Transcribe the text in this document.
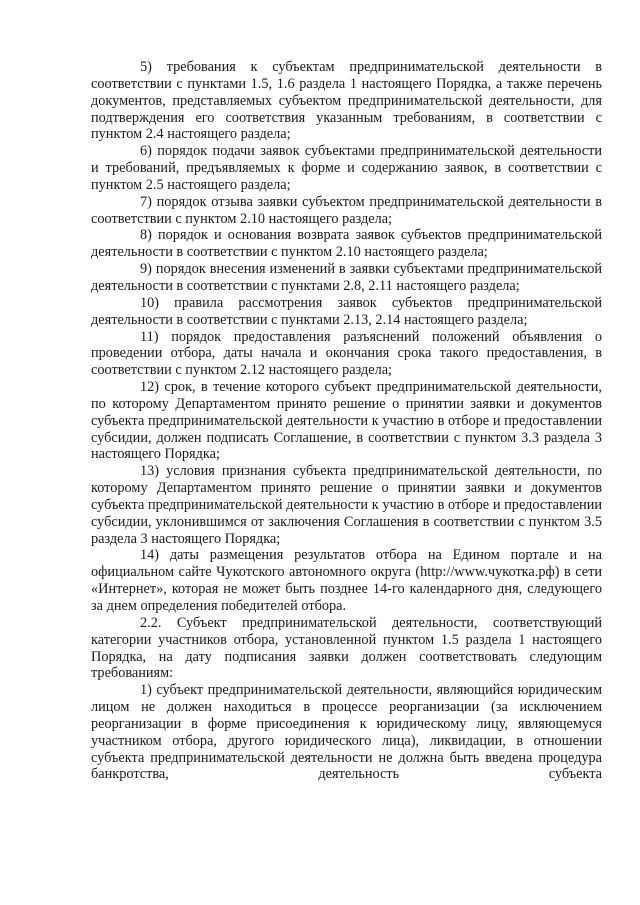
5) требования к субъектам предпринимательской деятельности в соответствии с пунктами 1.5, 1.6 раздела 1 настоящего Порядка, а также перечень документов, представляемых субъектом предпринимательской деятельности, для подтверждения его соответствия указанным требованиям, в соответствии с пунктом 2.4 настоящего раздела;

6) порядок подачи заявок субъектами предпринимательской деятельности и требований, предъявляемых к форме и содержанию заявок, в соответствии с пунктом 2.5 настоящего раздела;

7) порядок отзыва заявки субъектом предпринимательской деятельности в соответствии с пунктом 2.10 настоящего раздела;

8) порядок и основания возврата заявок субъектов предпринимательской деятельности в соответствии с пунктом 2.10 настоящего раздела;

9) порядок внесения изменений в заявки субъектами предпринимательской деятельности в соответствии с пунктами 2.8, 2.11 настоящего раздела;

10) правила рассмотрения заявок субъектов предпринимательской деятельности в соответствии с пунктами 2.13, 2.14 настоящего раздела;

11) порядок предоставления разъяснений положений объявления о проведении отбора, даты начала и окончания срока такого предоставления, в соответствии с пунктом 2.12 настоящего раздела;

12) срок, в течение которого субъект предпринимательской деятельности, по которому Департаментом принято решение о принятии заявки и документов субъекта предпринимательской деятельности к участию в отборе и предоставлении субсидии, должен подписать Соглашение, в соответствии с пунктом 3.3 раздела 3 настоящего Порядка;

13) условия признания субъекта предпринимательской деятельности, по которому Департаментом принято решение о принятии заявки и документов субъекта предпринимательской деятельности к участию в отборе и предоставлении субсидии, уклонившимся от заключения Соглашения в соответствии с пунктом 3.5 раздела 3 настоящего Порядка;

14) даты размещения результатов отбора на Едином портале и на официальном сайте Чукотского автономного округа (http://www.чукотка.рф) в сети «Интернет», которая не может быть позднее 14-го календарного дня, следующего за днем определения победителей отбора.

2.2. Субъект предпринимательской деятельности, соответствующий категории участников отбора, установленной пунктом 1.5 раздела 1 настоящего Порядка, на дату подписания заявки должен соответствовать следующим требованиям:

1) субъект предпринимательской деятельности, являющийся юридическим лицом не должен находиться в процессе реорганизации (за исключением реорганизации в форме присоединения к юридическому лицу, являющемуся участником отбора, другого юридического лица), ликвидации, в отношении субъекта предпринимательской деятельности не должна быть введена процедура банкротства, деятельность субъекта
